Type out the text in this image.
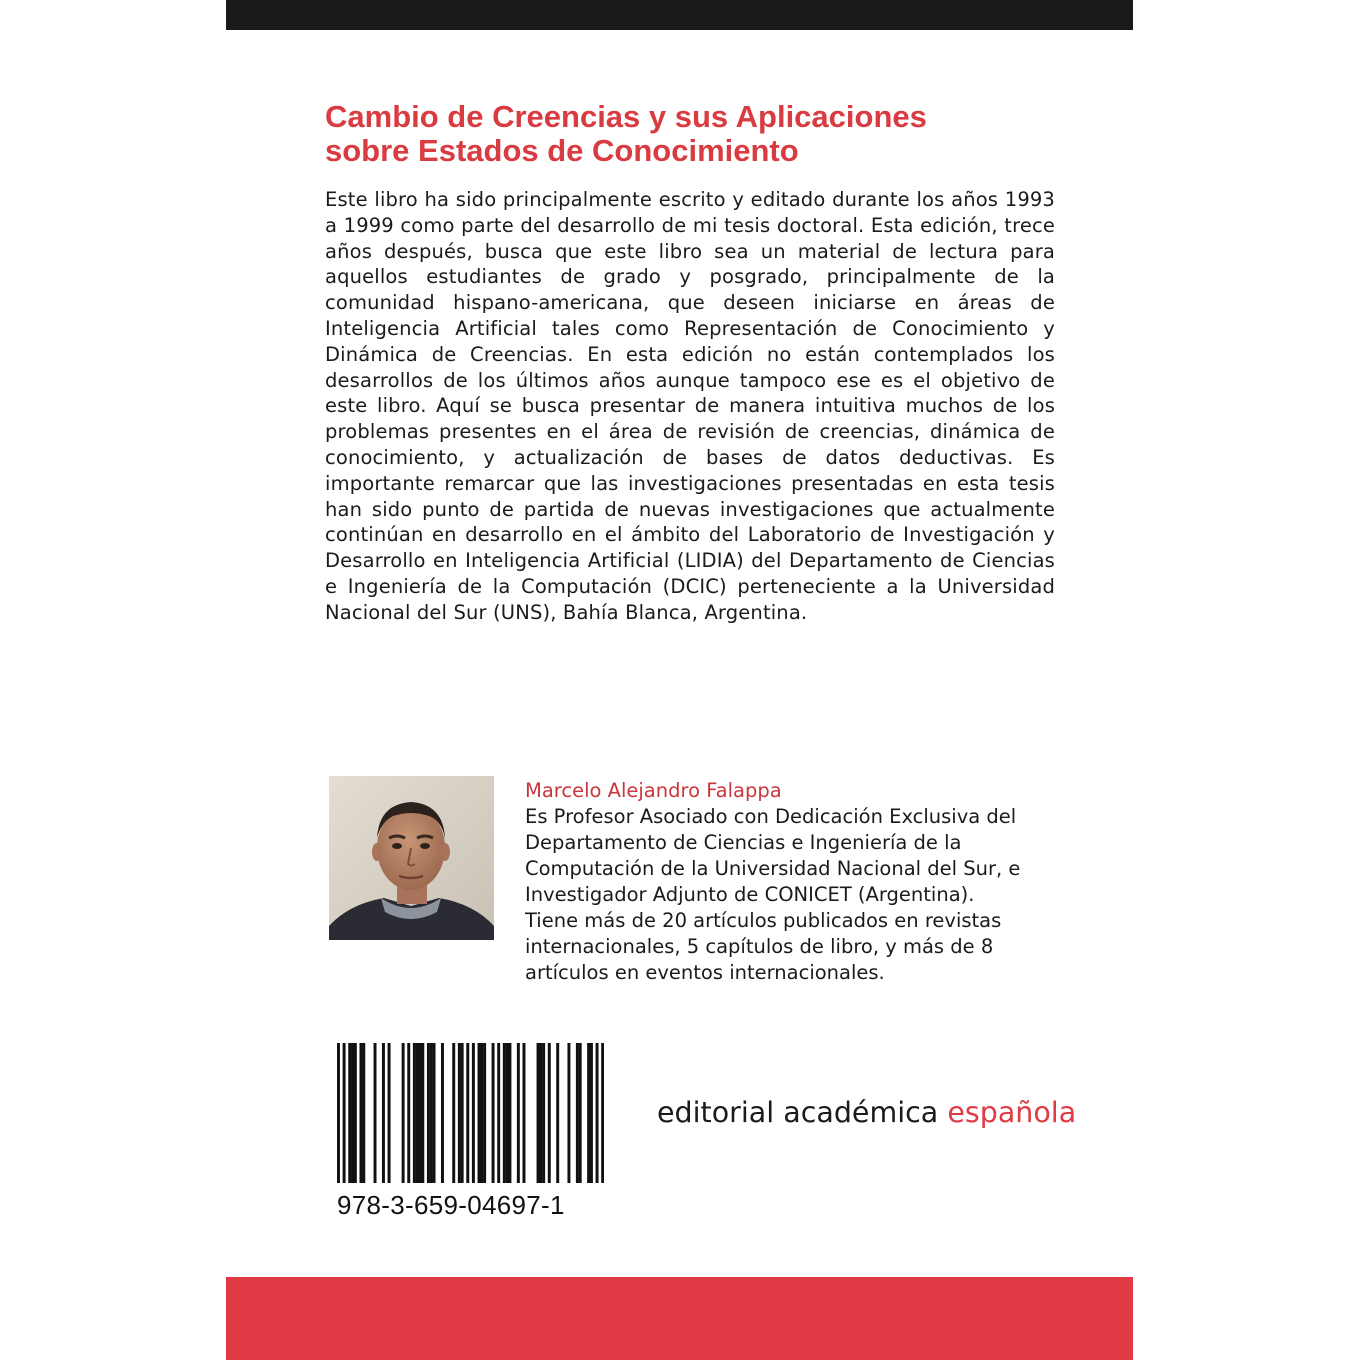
Cambio de Creencias y sus Aplicaciones
sobre Estados de Conocimiento

Este libro ha sido principalmente escrito y editado durante los años 1993 a 1999 como parte del desarrollo de mi tesis doctoral. Esta edición, trece años después, busca que este libro sea un material de lectura para aquellos estudiantes de grado y posgrado, principalmente de la comunidad hispano-americana, que deseen iniciarse en áreas de Inteligencia Artificial tales como Representación de Conocimiento y Dinámica de Creencias. En esta edición no están contemplados los desarrollos de los últimos años aunque tampoco ese es el objetivo de este libro. Aquí se busca presentar de manera intuitiva muchos de los problemas presentes en el área de revisión de creencias, dinámica de conocimiento, y actualización de bases de datos deductivas. Es importante remarcar que las investigaciones presentadas en esta tesis han sido punto de partida de nuevas investigaciones que actualmente continúan en desarrollo en el ámbito del Laboratorio de Investigación y Desarrollo en Inteligencia Artificial (LIDIA) del Departamento de Ciencias e Ingeniería de la Computación (DCIC) perteneciente a la Universidad Nacional del Sur (UNS), Bahía Blanca, Argentina.

Marcelo Alejandro Falappa

Es Profesor Asociado con Dedicación Exclusiva del
Departamento de Ciencias e Ingeniería de la
Computación de la Universidad Nacional del Sur, e
Investigador Adjunto de CONICET (Argentina).
Tiene más de 20 artículos publicados en revistas
internacionales, 5 capítulos de libro, y más de 8
artículos en eventos internacionales.

978-3-659-04697-1

editorial académica española
